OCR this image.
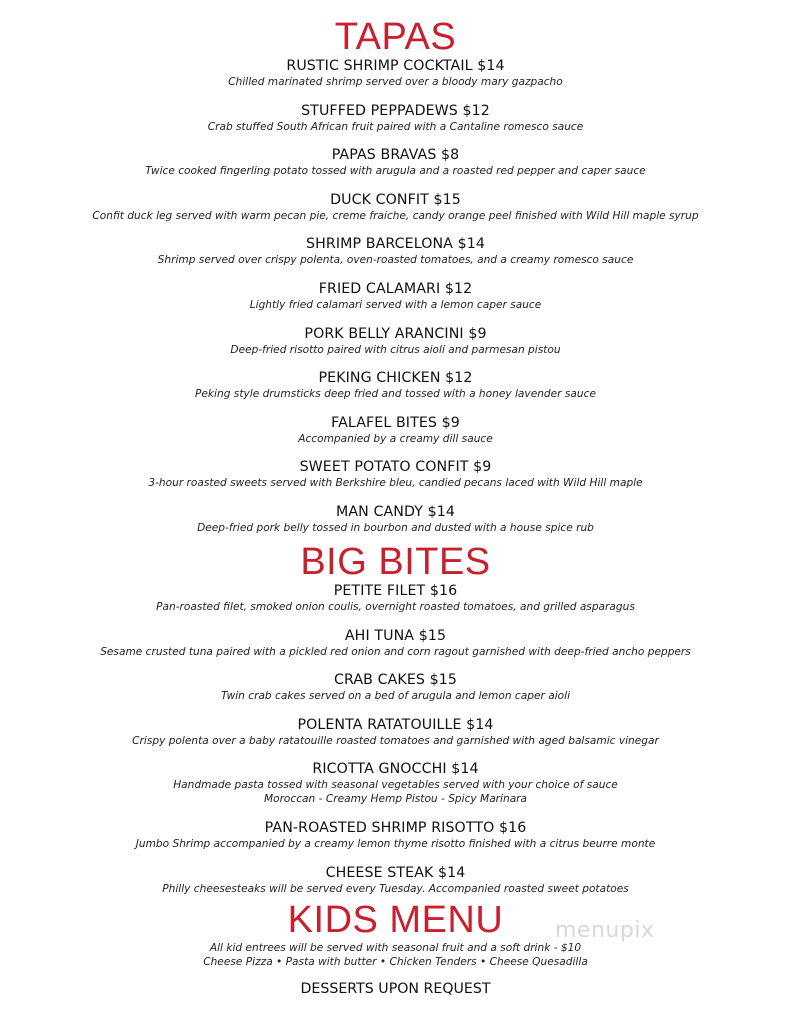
TAPAS
RUSTIC SHRIMP COCKTAIL $14
Chilled marinated shrimp served over a bloody mary gazpacho
STUFFED PEPPADEWS $12
Crab stuffed South African fruit paired with a Cantaline romesco sauce
PAPAS BRAVAS $8
Twice cooked fingerling potato tossed with arugula and a roasted red pepper and caper sauce
DUCK CONFIT $15
Confit duck leg served with warm pecan pie, creme fraiche, candy orange peel finished with Wild Hill maple syrup
SHRIMP BARCELONA $14
Shrimp served over crispy polenta, oven-roasted tomatoes, and a creamy romesco sauce
FRIED CALAMARI $12
Lightly fried calamari served with a lemon caper sauce
PORK BELLY ARANCINI $9
Deep-fried risotto paired with citrus aioli and parmesan pistou
PEKING CHICKEN $12
Peking style drumsticks deep fried and tossed with a honey lavender sauce
FALAFEL BITES $9
Accompanied by a creamy dill sauce
SWEET POTATO CONFIT $9
3-hour roasted sweets served with Berkshire bleu, candied pecans laced with Wild Hill maple
MAN CANDY $14
Deep-fried pork belly tossed in bourbon and dusted with a house spice rub
BIG BITES
PETITE FILET $16
Pan-roasted filet, smoked onion coulis, overnight roasted tomatoes, and grilled asparagus
AHI TUNA $15
Sesame crusted tuna paired with a pickled red onion and corn ragout garnished with deep-fried ancho peppers
CRAB CAKES $15
Twin crab cakes served on a bed of arugula and lemon caper aioli
POLENTA RATATOUILLE $14
Crispy polenta over a baby ratatouille roasted tomatoes and garnished with aged balsamic vinegar
RICOTTA GNOCCHI $14
Handmade pasta tossed with seasonal vegetables served with your choice of sauce
Moroccan - Creamy Hemp Pistou - Spicy Marinara
PAN-ROASTED SHRIMP RISOTTO $16
Jumbo Shrimp accompanied by a creamy lemon thyme risotto finished with a citrus beurre monte
CHEESE STEAK $14
Philly cheesesteaks will be served every Tuesday. Accompanied roasted sweet potatoes
KIDS MENU
All kid entrees will be served with seasonal fruit and a soft drink - $10
Cheese Pizza • Pasta with butter • Chicken Tenders • Cheese Quesadilla
DESSERTS UPON REQUEST
menupix
